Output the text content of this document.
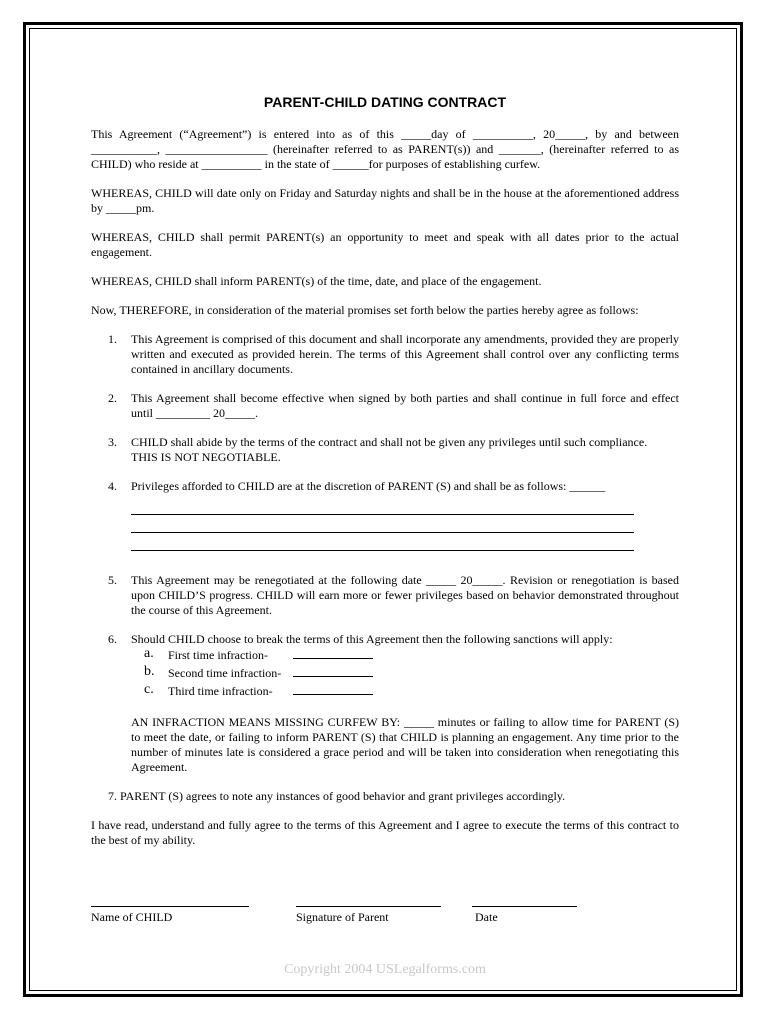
PARENT-CHILD DATING CONTRACT

This Agreement (“Agreement”) is entered into as of this _____day of __________, 20_____, by and between ___________, _________________ (hereinafter referred to as PARENT(s)) and _______, (hereinafter referred to as CHILD) who reside at __________ in the state of ______for purposes of establishing curfew.

WHEREAS, CHILD will date only on Friday and Saturday nights and shall be in the house at the aforementioned address by _____pm.

WHEREAS, CHILD shall permit PARENT(s) an opportunity to meet and speak with all dates prior to the actual engagement.

WHEREAS, CHILD shall inform PARENT(s) of the time, date, and place of the engagement.

Now, THEREFORE, in consideration of the material promises set forth below the parties hereby agree as follows:

1. This Agreement is comprised of this document and shall incorporate any amendments, provided they are properly written and executed as provided herein. The terms of this Agreement shall control over any conflicting terms contained in ancillary documents.
2. This Agreement shall become effective when signed by both parties and shall continue in full force and effect until _________ 20_____.
3. CHILD shall abide by the terms of the contract and shall not be given any privileges until such compliance.
THIS IS NOT NEGOTIABLE.
4. Privileges afforded to CHILD are at the discretion of PARENT (S) and shall be as follows: ______
5. This Agreement may be renegotiated at the following date _____ 20_____. Revision or renegotiation is based upon CHILD’S progress. CHILD will earn more or fewer privileges based on behavior demonstrated throughout the course of this Agreement.
6. Should CHILD choose to break the terms of this Agreement then the following sanctions will apply:
a. First time infraction-
b. Second time infraction-
c. Third time infraction-
AN INFRACTION MEANS MISSING CURFEW BY: _____ minutes or failing to allow time for PARENT (S) to meet the date, or failing to inform PARENT (S) that CHILD is planning an engagement. Any time prior to the number of minutes late is considered a grace period and will be taken into consideration when renegotiating this Agreement.
7. PARENT (S) agrees to note any instances of good behavior and grant privileges accordingly.

I have read, understand and fully agree to the terms of this Agreement and I agree to execute the terms of this contract to the best of my ability.

Name of CHILD	Signature of Parent	Date
Copyright 2004 USLegalforms.com
